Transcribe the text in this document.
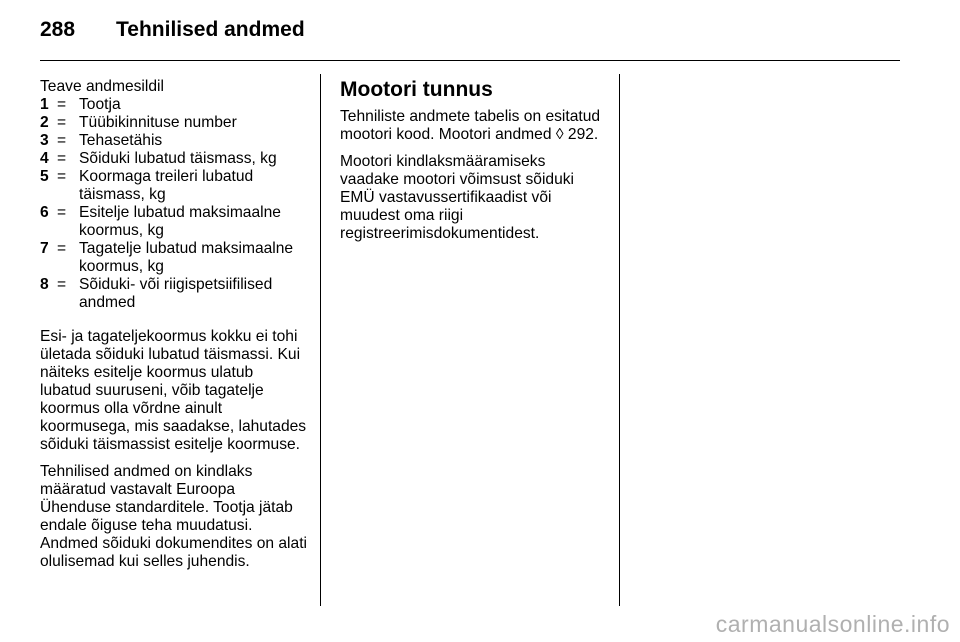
288 Tehnilised andmed
Teave andmesildil
1 = Tootja
2 = Tüübikinnituse number
3 = Tehasetähis
4 = Sõiduki lubatud täismass, kg
5 = Koormaga treileri lubatud täismass, kg
6 = Esitelje lubatud maksimaalne koormus, kg
7 = Tagatelje lubatud maksimaalne koormus, kg
8 = Sõiduki- või riigispetsiifilised andmed

Esi- ja tagateljekoormus kokku ei tohi ületada sõiduki lubatud täismassi. Kui näiteks esitelje koormus ulatub lubatud suuruseni, võib tagatelje koormus olla võrdne ainult koormusega, mis saadakse, lahutades sõiduki täismassist esitelje koormuse.

Tehnilised andmed on kindlaks määratud vastavalt Euroopa Ühenduse standarditele. Tootja jätab endale õiguse teha muudatusi. Andmed sõiduki dokumendites on alati olulisemad kui selles juhendis.

Mootori tunnus

Tehniliste andmete tabelis on esitatud mootori kood. Mootori andmed ◊ 292.

Mootori kindlaksmääramiseks vaadake mootori võimsust sõiduki EMÜ vastavussertifikaadist või muudest oma riigi registreerimisdokumentidest.

carmanualsonline.info
